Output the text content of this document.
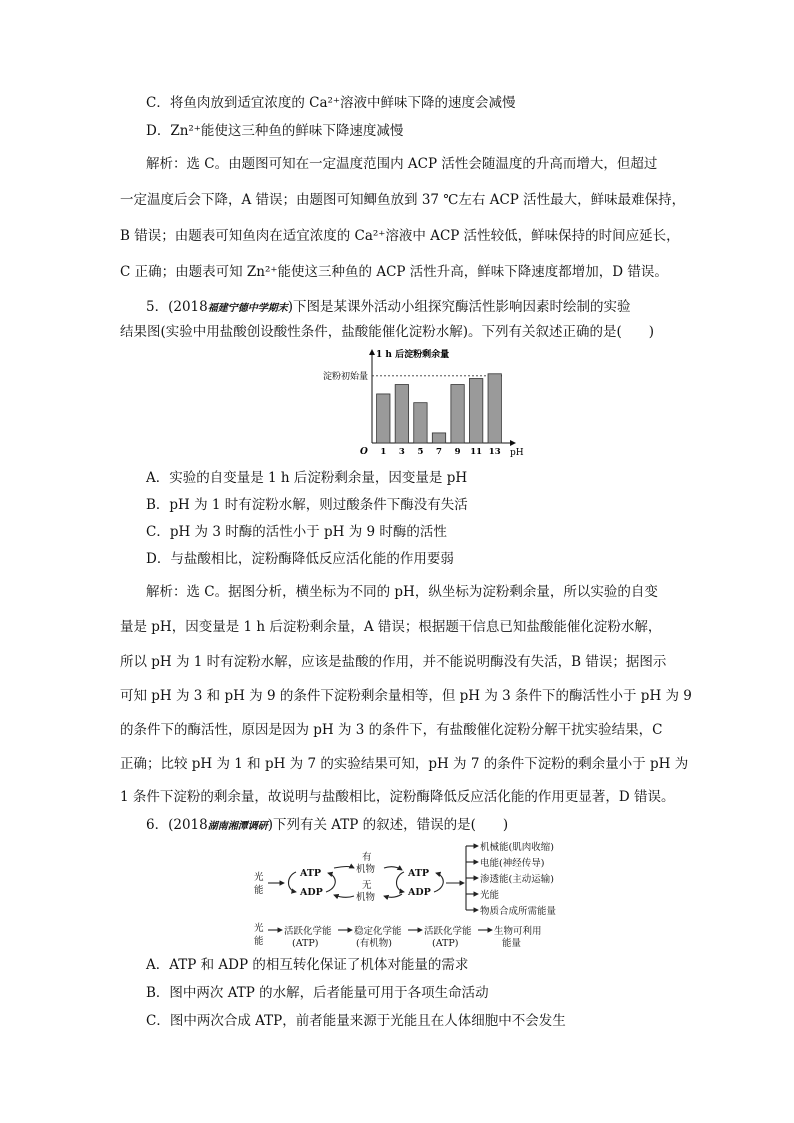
C．将鱼肉放到适宜浓度的 Ca²⁺溶液中鲜味下降的速度会减慢
D．Zn²⁺能使这三种鱼的鲜味下降速度减慢
解析：选 C。由题图可知在一定温度范围内 ACP 活性会随温度的升高而增大，但超过
一定温度后会下降，A 错误；由题图可知鲫鱼放到 37 ℃左右 ACP 活性最大，鲜味最难保持，
B 错误；由题表可知鱼肉在适宜浓度的 Ca²⁺溶液中 ACP 活性较低，鲜味保持的时间应延长，
C 正确；由题表可知 Zn²⁺能使这三种鱼的 ACP 活性升高，鲜味下降速度都增加，D 错误。
5．(2018福建宁德中学期末)下图是某课外活动小组探究酶活性影响因素时绘制的实验
结果图(实验中用盐酸创设酸性条件，盐酸能催化淀粉水解)。下列有关叙述正确的是(　　)
淀粉初始量
1 h 后淀粉剩余量
O	pH
1 3 5 7 9 11 13
A．实验的自变量是 1 h 后淀粉剩余量，因变量是 pH
B．pH 为 1 时有淀粉水解，则过酸条件下酶没有失活
C．pH 为 3 时酶的活性小于 pH 为 9 时酶的活性
D．与盐酸相比，淀粉酶降低反应活化能的作用要弱
解析：选 C。据图分析，横坐标为不同的 pH，纵坐标为淀粉剩余量，所以实验的自变
量是 pH，因变量是 1 h 后淀粉剩余量，A 错误；根据题干信息已知盐酸能催化淀粉水解，
所以 pH 为 1 时有淀粉水解，应该是盐酸的作用，并不能说明酶没有失活，B 错误；据图示
可知 pH 为 3 和 pH 为 9 的条件下淀粉剩余量相等，但 pH 为 3 条件下的酶活性小于 pH 为 9
的条件下的酶活性，原因是因为 pH 为 3 的条件下，有盐酸催化淀粉分解干扰实验结果，C
正确；比较 pH 为 1 和 pH 为 7 的实验结果可知，pH 为 7 的条件下淀粉的剩余量小于 pH 为
1 条件下淀粉的剩余量，故说明与盐酸相比，淀粉酶降低反应活化能的作用更显著，D 错误。
6．(2018湖南湘潭调研)下列有关 ATP 的叙述，错误的是(　　)
光
能
ATP
ADP
有
机物
无
机物
ATP
ADP
机械能(肌肉收缩)
电能(神经传导)
渗透能(主动运输)
光能
物质合成所需能量
光
能
活跃化学能 稳定化学能 活跃化学能 生物可利用
(ATP)	(有机物)	(ATP)	能量
A．ATP 和 ADP 的相互转化保证了机体对能量的需求
B．图中两次 ATP 的水解，后者能量可用于各项生命活动
C．图中两次合成 ATP，前者能量来源于光能且在人体细胞中不会发生
